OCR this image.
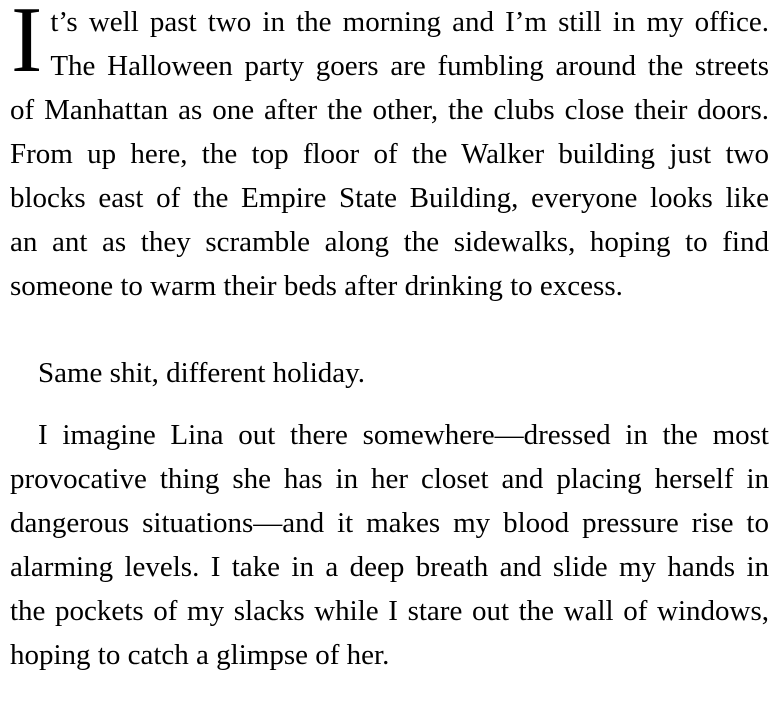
I t’s well past two in the morning and I’m still in my office.
The Halloween party goers are fumbling around the streets
of Manhattan as one after the other, the clubs close their doors.
From up here, the top floor of the Walker building just two
blocks east of the Empire State Building, everyone looks like
an ant as they scramble along the sidewalks, hoping to find
someone to warm their beds after drinking to excess.
Same shit, different holiday.
I imagine Lina out there somewhere—dressed in the most
provocative thing she has in her closet and placing herself in
dangerous situations—and it makes my blood pressure rise to
alarming levels. I take in a deep breath and slide my hands in
the pockets of my slacks while I stare out the wall of windows,
hoping to catch a glimpse of her.
